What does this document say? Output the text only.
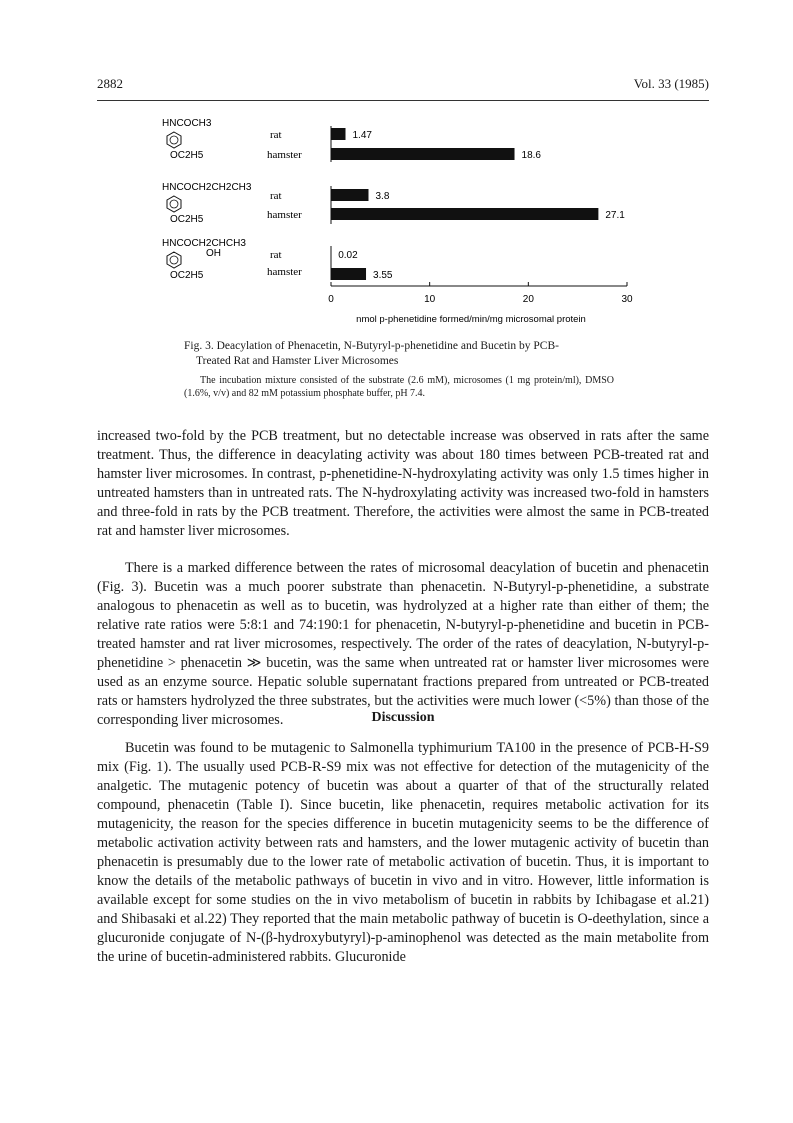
2882	Vol. 33 (1985)
HNCOCH3
OC2H5
HNCOCH2CH2CH3
OC2H5
HNCOCH2CHCH3
OH
OC2H5
rat
hamster
rat
hamster
rat
hamster
1.47
18.6
3.8
27.1
0.02
3.55
0	10	20	30
nmol p-phenetidine formed/min/mg microsomal protein
Fig. 3. Deacylation of Phenacetin, N-Butyryl-p-phenetidine and Bucetin by PCB-
Treated Rat and Hamster Liver Microsomes

The incubation mixture consisted of the substrate (2.6 mM), microsomes (1 mg protein/ml), DMSO (1.6%, v/v) and 82 mM potassium phosphate buffer, pH 7.4.

increased two-fold by the PCB treatment, but no detectable increase was observed in rats after the same treatment. Thus, the difference in deacylating activity was about 180 times between PCB-treated rat and hamster liver microsomes. In contrast, p-phenetidine-N-hydroxylating activity was only 1.5 times higher in untreated hamsters than in untreated rats. The N-hydroxylating activity was increased two-fold in hamsters and three-fold in rats by the PCB treatment. Therefore, the activities were almost the same in PCB-treated rat and hamster liver microsomes.

There is a marked difference between the rates of microsomal deacylation of bucetin and phenacetin (Fig. 3). Bucetin was a much poorer substrate than phenacetin. N-Butyryl-p-phenetidine, a substrate analogous to phenacetin as well as to bucetin, was hydrolyzed at a higher rate than either of them; the relative rate ratios were 5:8:1 and 74:190:1 for phenacetin, N-butyryl-p-phenetidine and bucetin in PCB-treated hamster and rat liver microsomes, respectively. The order of the rates of deacylation, N-butyryl-p-phenetidine > phenacetin ≫ bucetin, was the same when untreated rat or hamster liver microsomes were used as an enzyme source. Hepatic soluble supernatant fractions prepared from untreated or PCB-treated rats or hamsters hydrolyzed the three substrates, but the activities were much lower (<5%) than those of the corresponding liver microsomes.	Discussion

Bucetin was found to be mutagenic to Salmonella typhimurium TA100 in the presence of PCB-H-S9 mix (Fig. 1). The usually used PCB-R-S9 mix was not effective for detection of the mutagenicity of the analgetic. The mutagenic potency of bucetin was about a quarter of that of the structurally related compound, phenacetin (Table I). Since bucetin, like phenacetin, requires metabolic activation for its mutagenicity, the reason for the species difference in bucetin mutagenicity seems to be the difference of metabolic activation activity between rats and hamsters, and the lower mutagenic activity of bucetin than phenacetin is presumably due to the lower rate of metabolic activation of bucetin. Thus, it is important to know the details of the metabolic pathways of bucetin in vivo and in vitro. However, little information is available except for some studies on the in vivo metabolism of bucetin in rabbits by Ichibagase et al.21) and Shibasaki et al.22) They reported that the main metabolic pathway of bucetin is O-deethylation, since a glucuronide conjugate of N-(β-hydroxybutyryl)-p-aminophenol was detected as the main metabolite from the urine of bucetin-administered rabbits. Glucuronide
